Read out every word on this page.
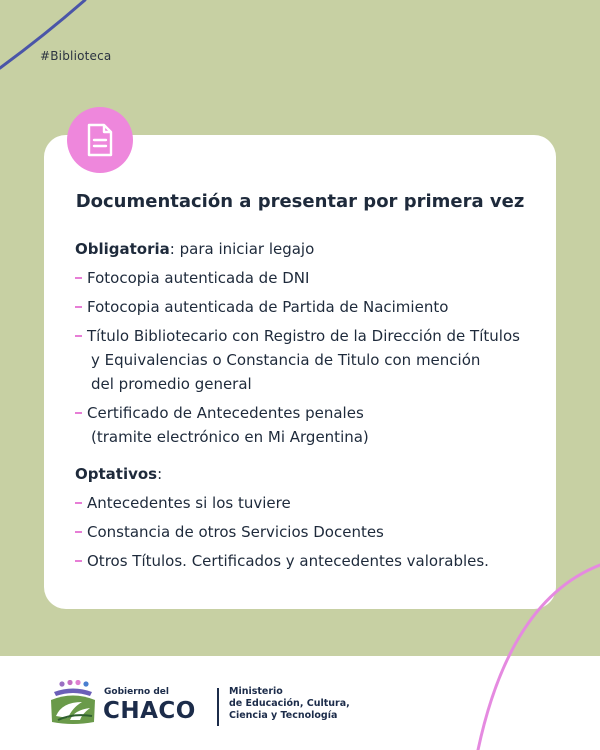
#Biblioteca
Documentación a presentar por primera vez
Obligatoria: para iniciar legajo
Fotocopia autenticada de DNI
Fotocopia autenticada de Partida de Nacimiento
Título Bibliotecario con Registro de la Dirección de Títulos
y Equivalencias o Constancia de Titulo con mención
del promedio general
Certificado de Antecedentes penales
(tramite electrónico en Mi Argentina)
Optativos:
Antecedentes si los tuviere
Constancia de otros Servicios Docentes
Otros Títulos. Certificados y antecedentes valorables.
Gobierno del
CHACO
Ministerio
de Educación, Cultura,
Ciencia y Tecnología
